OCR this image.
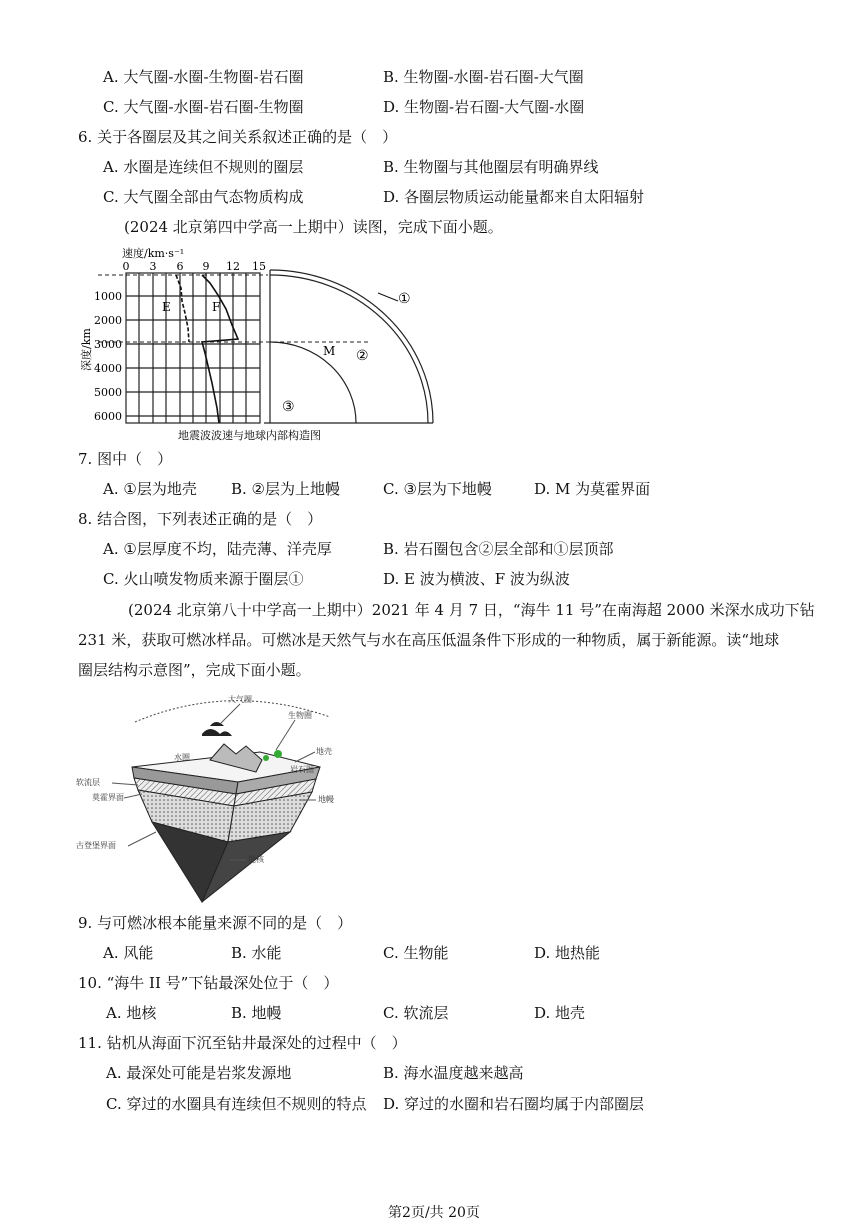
A. 大气圈-水圈-生物圈-岩石圈	B. 生物圈-水圈-岩石圈-大气圈
C. 大气圈-水圈-岩石圈-生物圈	D. 生物圈-岩石圈-大气圈-水圈
6. 关于各圈层及其之间关系叙述正确的是（　）
A. 水圈是连续但不规则的圈层	B. 生物圈与其他圈层有明确界线
C. 大气圈全部由气态物质构成	D. 各圈层物质运动能量都来自太阳辐射
(2024 北京第四中学高一上期中）读图，完成下面小题。
速度/km·s⁻¹
0 3 6 9 12 15
1000
2000
3000
4000
5000
6000
深度/km
E	F	①
M ②
③
地震波波速与地球内部构造图
7. 图中（　）
A. ①层为地壳 B. ②层为上地幔	C. ③层为下地幔	D. M 为莫霍界面
8. 结合图，下列表述正确的是（　）
A. ①层厚度不均，陆壳薄、洋壳厚	B. 岩石圈包含②层全部和①层顶部
C. 火山喷发物质来源于圈层①	D. E 波为横波、F 波为纵波
(2024 北京第八十中学高一上期中）2021 年 4 月 7 日，“海牛 11 号”在南海超 2000 米深水成功下钻
231 米，获取可燃冰样品。可燃冰是天然气与水在高压低温条件下形成的一种物质，属于新能源。读“地球
圈层结构示意图”，完成下面小题。
大气圈
生物圈
水圈
地壳
岩石圈
软流层
莫霍界面	地幔
古登堡界面
地核
9. 与可燃冰根本能量来源不同的是（　）
A. 风能	B. 水能	C. 生物能	D. 地热能
10. “海牛 II 号”下钻最深处位于（　）
A. 地核	B. 地幔	C. 软流层	D. 地壳
11. 钻机从海面下沉至钻井最深处的过程中（　）
A. 最深处可能是岩浆发源地	B. 海水温度越来越高
C. 穿过的水圈具有连续但不规则的特点 D. 穿过的水圈和岩石圈均属于内部圈层
第2页/共 20页
